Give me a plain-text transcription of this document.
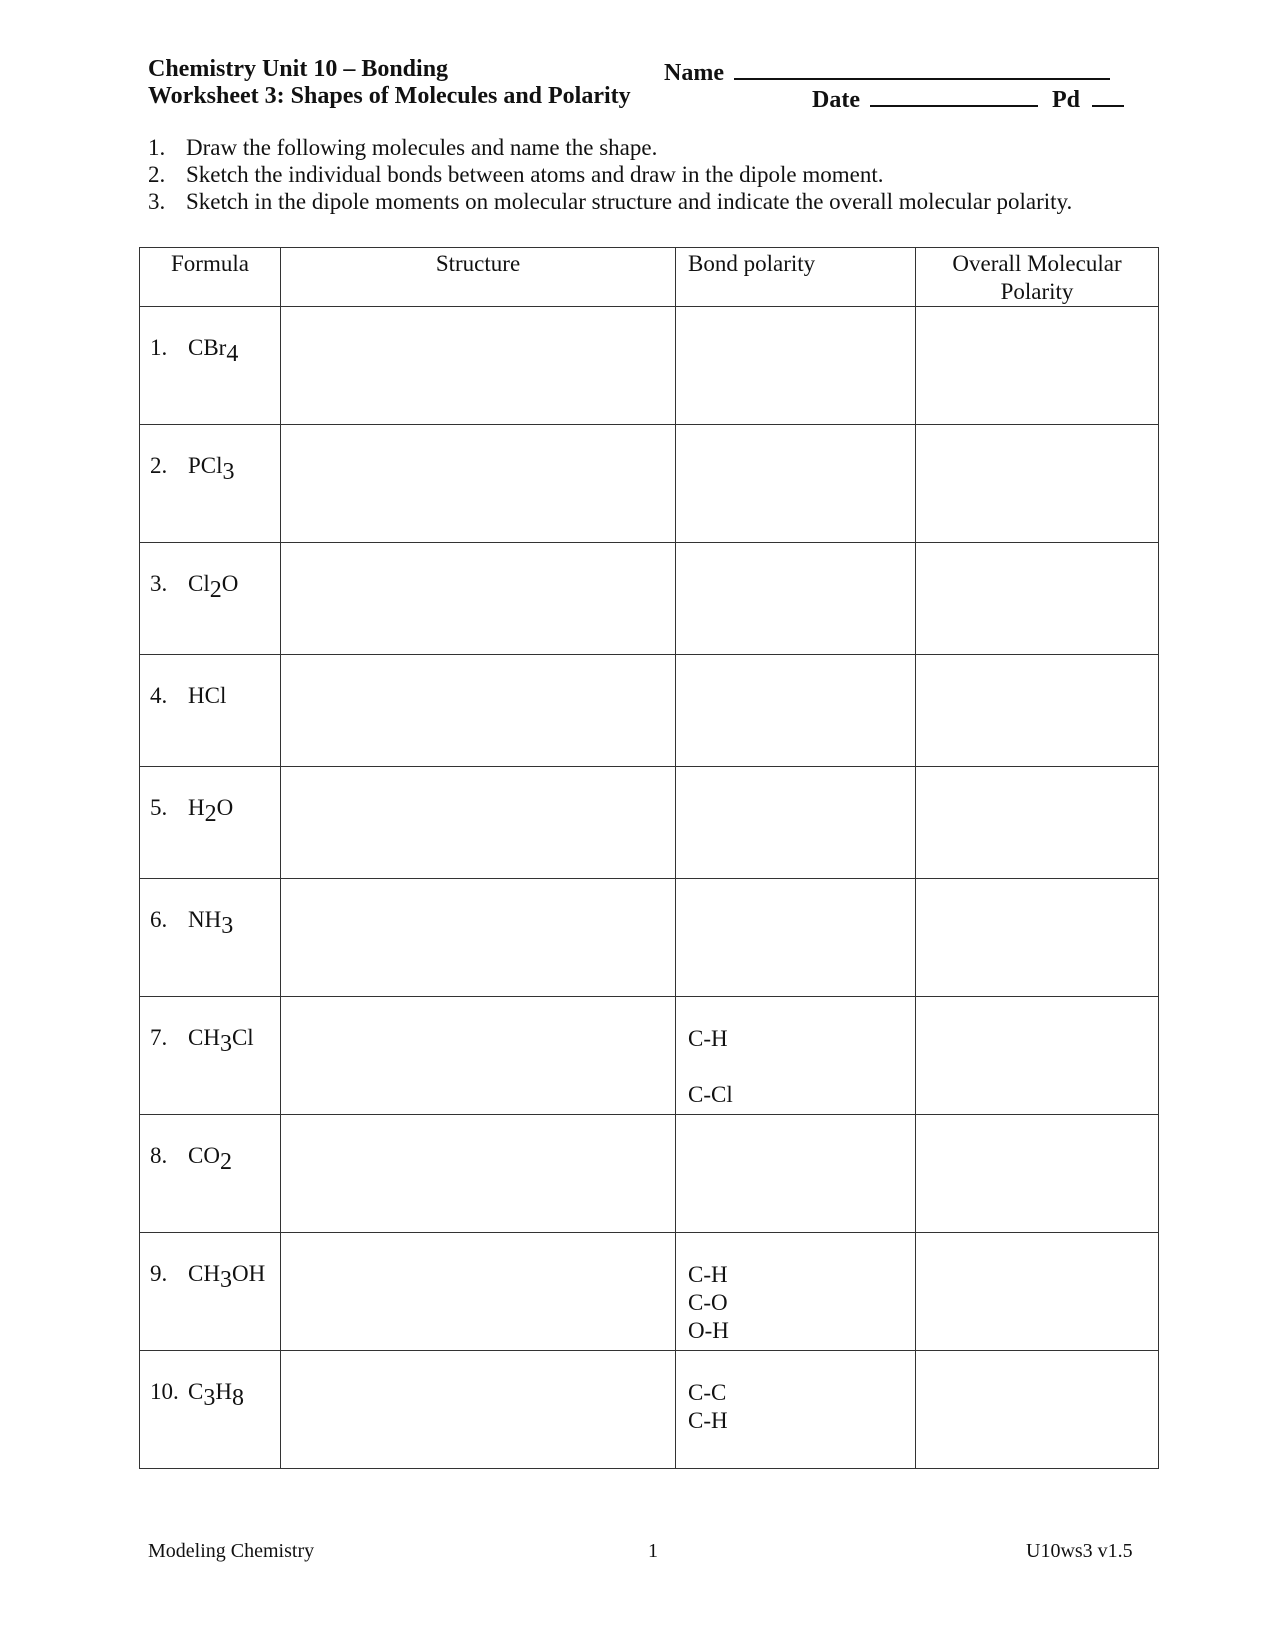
Chemistry Unit 10 – Bonding
Worksheet 3: Shapes of Molecules and Polarity
Name
Date	Pd
1. Draw the following molecules and name the shape.
2. Sketch the individual bonds between atoms and draw in the dipole moment.
3. Sketch in the dipole moments on molecular structure and indicate the overall molecular polarity.
Formula	Structure	Bond polarity	Overall Molecular
Polarity

1. CBr$_4$

2. PCl$_3$

3. $Cl_2O$			

4. HCl			

5. $H_2O$			

6. $NH_3$

7. $CH_3Cl$		C-H
C-Cl	

8. $CO_2$

9. $CH_3OH$		C-H
C-O
O-H	

10. $C_3H_8$		C-C
C-H	

Modeling Chemistry	1	U10ws3 v1.5
